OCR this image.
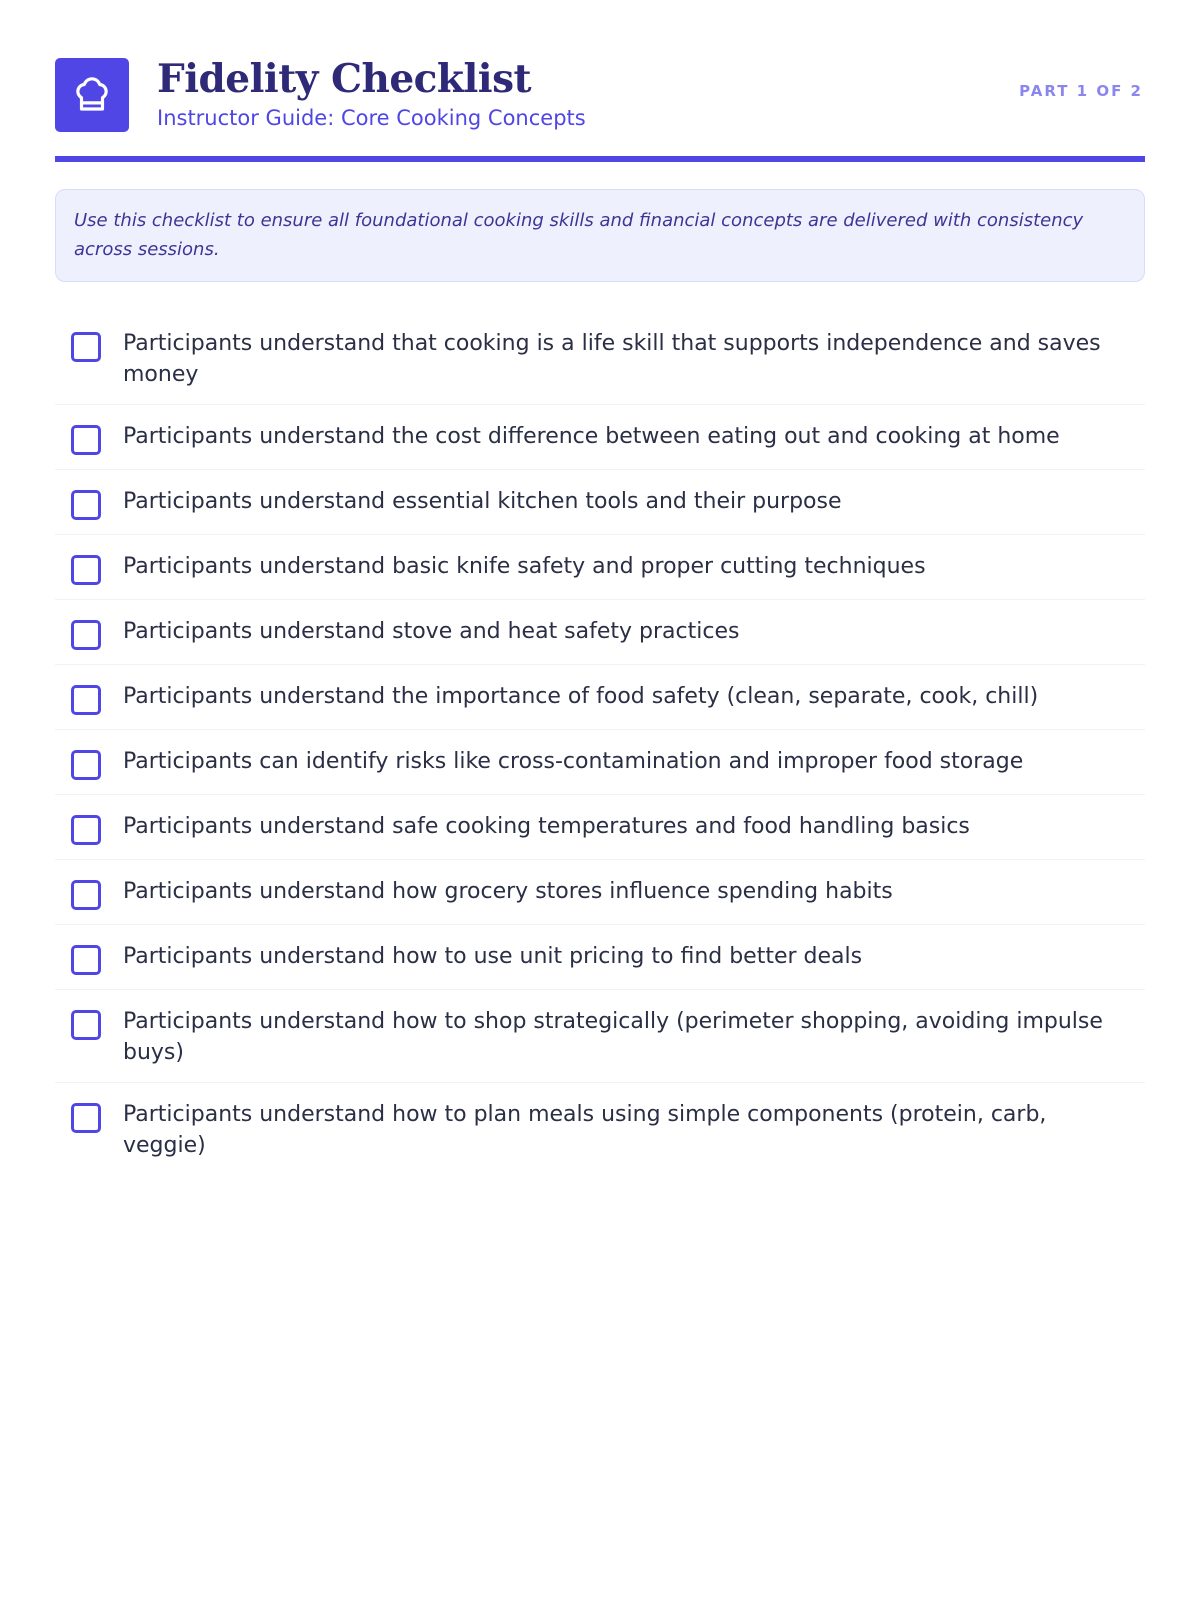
Fidelity Checklist
Instructor Guide: Core Cooking Concepts
PART 1 OF 2
Use this checklist to ensure all foundational cooking skills and financial concepts are delivered with consistency across sessions.
Participants understand that cooking is a life skill that supports independence and saves money
Participants understand the cost difference between eating out and cooking at home
Participants understand essential kitchen tools and their purpose
Participants understand basic knife safety and proper cutting techniques
Participants understand stove and heat safety practices
Participants understand the importance of food safety (clean, separate, cook, chill)
Participants can identify risks like cross-contamination and improper food storage
Participants understand safe cooking temperatures and food handling basics
Participants understand how grocery stores influence spending habits
Participants understand how to use unit pricing to find better deals
Participants understand how to shop strategically (perimeter shopping, avoiding impulse buys)
Participants understand how to plan meals using simple components (protein, carb, veggie)
